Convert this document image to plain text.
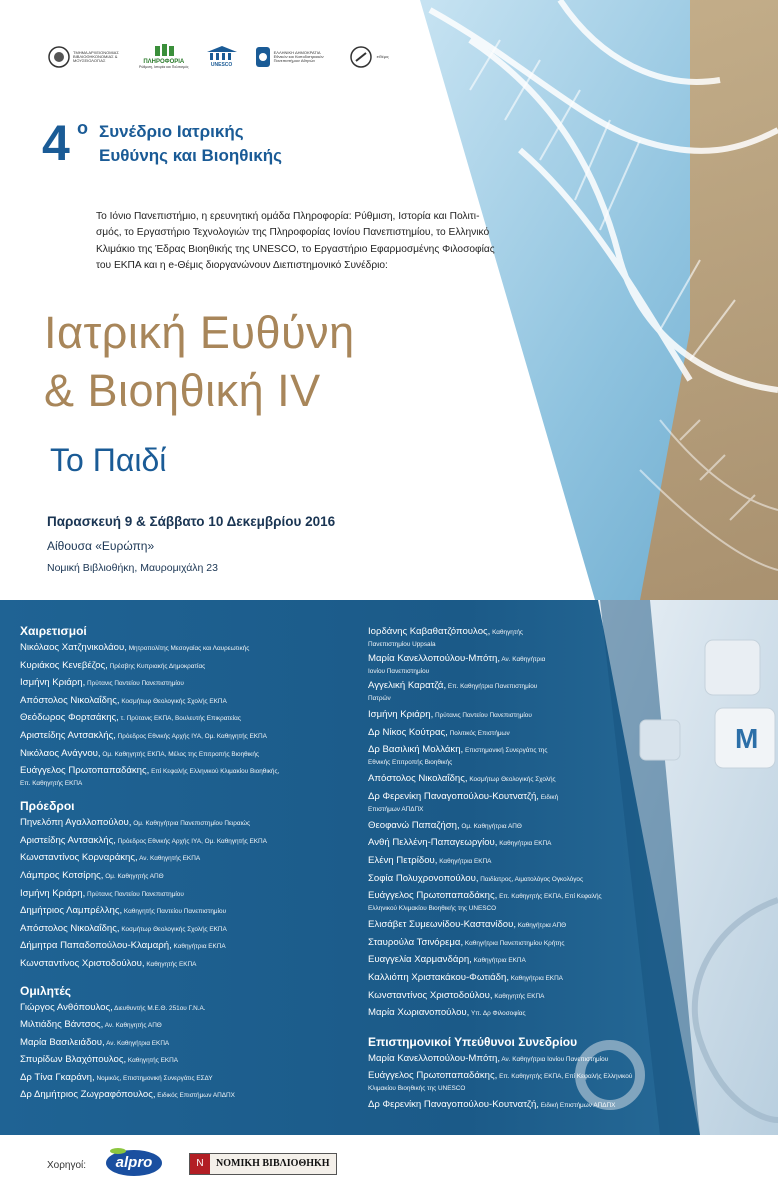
ΤΜΗΜΑ ΑΡΧΕΙΟΝΟΜΙΑΣ ΒΙΒΛΙΟΘΗΚΟΝΟΜΙΑΣ & ΜΟΥΣΕΙΟΛΟΓΙΑΣ	ΠΛΗΡΟΦΟΡΙΑ
Ρύθμιση, Ιστορία και Πολιτισμός	UNESCO
ΕΛΛΗΝΙΚΗ ΔΗΜΟΚΡΑΤΙΑ Εθνικόν και Καποδιστριακόν Πανεπιστήμιον Αθηνών
eΘέμις
4 ο Συνέδριο Ιατρικής
Ευθύνης και Βιοηθικής
Το Ιόνιο Πανεπιστήμιο, η ερευνητική ομάδα Πληροφορία: Ρύθμιση, Ιστορία και Πολιτι-
σμός, το Εργαστήριο Τεχνολογιών της Πληροφορίας Ιονίου Πανεπιστημίου, το Ελληνικό
Κλιμάκιο της Έδρας Βιοηθικής της UNESCO, το Εργαστήριο Εφαρμοσμένης Φιλοσοφίας
του ΕΚΠΑ και η e-Θέμις διοργανώνουν Διεπιστημονικό Συνέδριο:
Ιατρική Ευθύνη
& Βιοηθική IV
Το Παιδί
Παρασκευή 9 & Σάββατο 10 Δεκεμβρίου 2016
Αίθουσα «Ευρώπη»
Νομική Βιβλιοθήκη, Μαυρομιχάλη 23
Μ
Χαιρετισμοί
Νικόλαος Χατζηνικολάου, Μητροπολίτης Μεσογαίας και Λαυρεωτικής
Κυριάκος Κενεβέζος, Πρέσβης Κυπριακής Δημοκρατίας
Ισμήνη Κριάρη, Πρύτανις Παντείου Πανεπιστημίου
Απόστολος Νικολαΐδης, Κοσμήτωρ Θεολογικής Σχολής ΕΚΠΑ
Θεόδωρος Φορτσάκης, τ. Πρύτανις ΕΚΠΑ, Βουλευτής Επικρατείας
Αριστείδης Αντσακλής, Πρόεδρος Εθνικής Αρχής ΙΥΑ, Ομ. Καθηγητής ΕΚΠΑ
Νικόλαος Ανάγνου, Ομ. Καθηγητής ΕΚΠΑ, Μέλος της Επιτροπής Βιοηθικής
Ευάγγελος Πρωτοπαπαδάκης, Επί Κεφαλής Ελληνικού Κλιμακίου Βιοηθικής,
Επ. Καθηγητής ΕΚΠΑ
Πρόεδροι
Πηνελόπη Αγαλλοπούλου, Ομ. Καθηγήτρια Πανεπιστημίου Πειραιώς
Αριστείδης Αντσακλής, Πρόεδρος Εθνικής Αρχής ΙΥΑ, Ομ. Καθηγητής ΕΚΠΑ
Κωνσταντίνος Κορναράκης, Αν. Καθηγητής ΕΚΠΑ
Λάμπρος Κοτσίρης, Ομ. Καθηγητής ΑΠΘ
Ισμήνη Κριάρη, Πρύτανις Παντείου Πανεπιστημίου
Δημήτριος Λαμπρέλλης, Καθηγητής Παντείου Πανεπιστημίου
Απόστολος Νικολαΐδης, Κοσμήτωρ Θεολογικής Σχολής ΕΚΠΑ
Δήμητρα Παπαδοπούλου-Κλαμαρή, Καθηγήτρια ΕΚΠΑ
Κωνσταντίνος Χριστοδούλου, Καθηγητής ΕΚΠΑ
Ομιλητές
Γιώργος Ανθόπουλος, Διευθυντής Μ.Ε.Θ. 251ου Γ.Ν.Α.
Μιλτιάδης Βάντσος, Αν. Καθηγητής ΑΠΘ
Μαρία Βασιλειάδου, Αν. Καθηγήτρια ΕΚΠΑ
Σπυρίδων Βλαχόπουλος, Καθηγητής ΕΚΠΑ
Δρ Τίνα Γκαράνη, Νομικός, Επιστημονική Συνεργάτις ΕΣΔΥ
Δρ Δημήτριος Ζωγραφόπουλος, Ειδικός Επιστήμων ΑΠΔΠΧ
Ιορδάνης Καβαθατζόπουλος, Καθηγητής
Πανεπιστημίου Uppsala
Μαρία Κανελλοπούλου-Μπότη, Αν. Καθηγήτρια
Ιονίου Πανεπιστημίου
Αγγελική Καρατζά, Επ. Καθηγήτρια Πανεπιστημίου
Πατρών
Ισμήνη Κριάρη, Πρύτανις Παντείου Πανεπιστημίου
Δρ Νίκος Κούτρας, Πολιτικός Επιστήμων
Δρ Βασιλική Μολλάκη, Επιστημονική Συνεργάτις της
Εθνικής Επιτροπής Βιοηθικής
Απόστολος Νικολαΐδης, Κοσμήτωρ Θεολογικής Σχολής
Δρ Φερενίκη Παναγοπούλου-Κουτνατζή, Ειδική
Επιστήμων ΑΠΔΠΧ
Θεοφανώ Παπαζήση, Ομ. Καθηγήτρια ΑΠΘ
Ανθή Πελλένη-Παπαγεωργίου, Καθηγήτρια ΕΚΠΑ
Ελένη Πετρίδου, Καθηγήτρια ΕΚΠΑ
Σοφία Πολυχρονοπούλου, Παιδίατρος, Αιματολόγος Ογκολόγος
Ευάγγελος Πρωτοπαπαδάκης, Επ. Καθηγητής ΕΚΠΑ, Επί Κεφαλής
Ελληνικού Κλιμακίου Βιοηθικής της UNESCO
Ελισάβετ Συμεωνίδου-Καστανίδου, Καθηγήτρια ΑΠΘ
Σταυρούλα Τσινόρεμα, Καθηγήτρια Πανεπιστημίου Κρήτης
Ευαγγελία Χαρμανδάρη, Καθηγήτρια ΕΚΠΑ
Καλλιόπη Χριστακάκου-Φωτιάδη, Καθηγήτρια ΕΚΠΑ
Κωνσταντίνος Χριστοδούλου, Καθηγητής ΕΚΠΑ
Μαρία Χωριανοπούλου, Υπ. Δρ Φιλοσοφίας
Επιστημονικοί Υπεύθυνοι Συνεδρίου
Μαρία Κανελλοπούλου-Μπότη, Αν. Καθηγήτρια Ιονίου Πανεπιστημίου
Ευάγγελος Πρωτοπαπαδάκης, Επ. Καθηγητής ΕΚΠΑ, Επί Κεφαλής Ελληνικού
Κλιμακίου Βιοηθικής της UNESCO
Δρ Φερενίκη Παναγοπούλου-Κουτνατζή, Ειδική Επιστήμων ΑΠΔΠΧ
Χορηγοί:	alpro	Ν	ΝΟΜΙΚΗ ΒΙΒΛΙΟΘΗΚΗ
